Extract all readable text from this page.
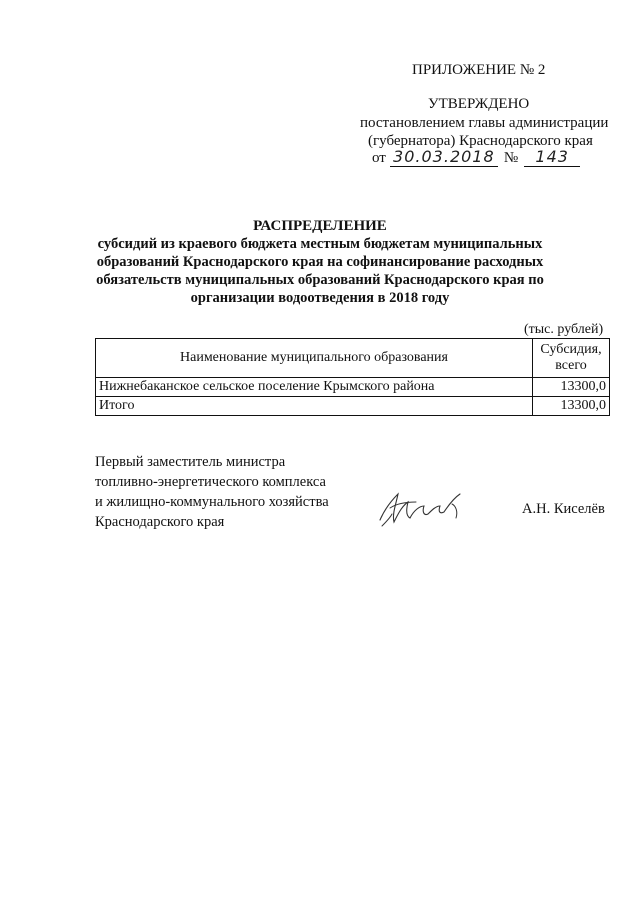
ПРИЛОЖЕНИЕ № 2
УТВЕРЖДЕНО
постановлением главы администрации
(губернатора) Краснодарского края
от 30.03.2018 №	143
РАСПРЕДЕЛЕНИЕ
субсидий из краевого бюджета местным бюджетам муниципальных
образований Краснодарского края на софинансирование расходных
обязательств муниципальных образований Краснодарского края по
организации водоотведения в 2018 году
(тыс. рублей)
Наименование муниципального образования	Субсидия,
всего

Нижнебаканское сельское поселение Крымского района	13300,0
Итого	13300,0
Первый заместитель министра
топливно-энергетического комплекса
и жилищно-коммунального хозяйства
Краснодарского края
А.Н. Киселёв
